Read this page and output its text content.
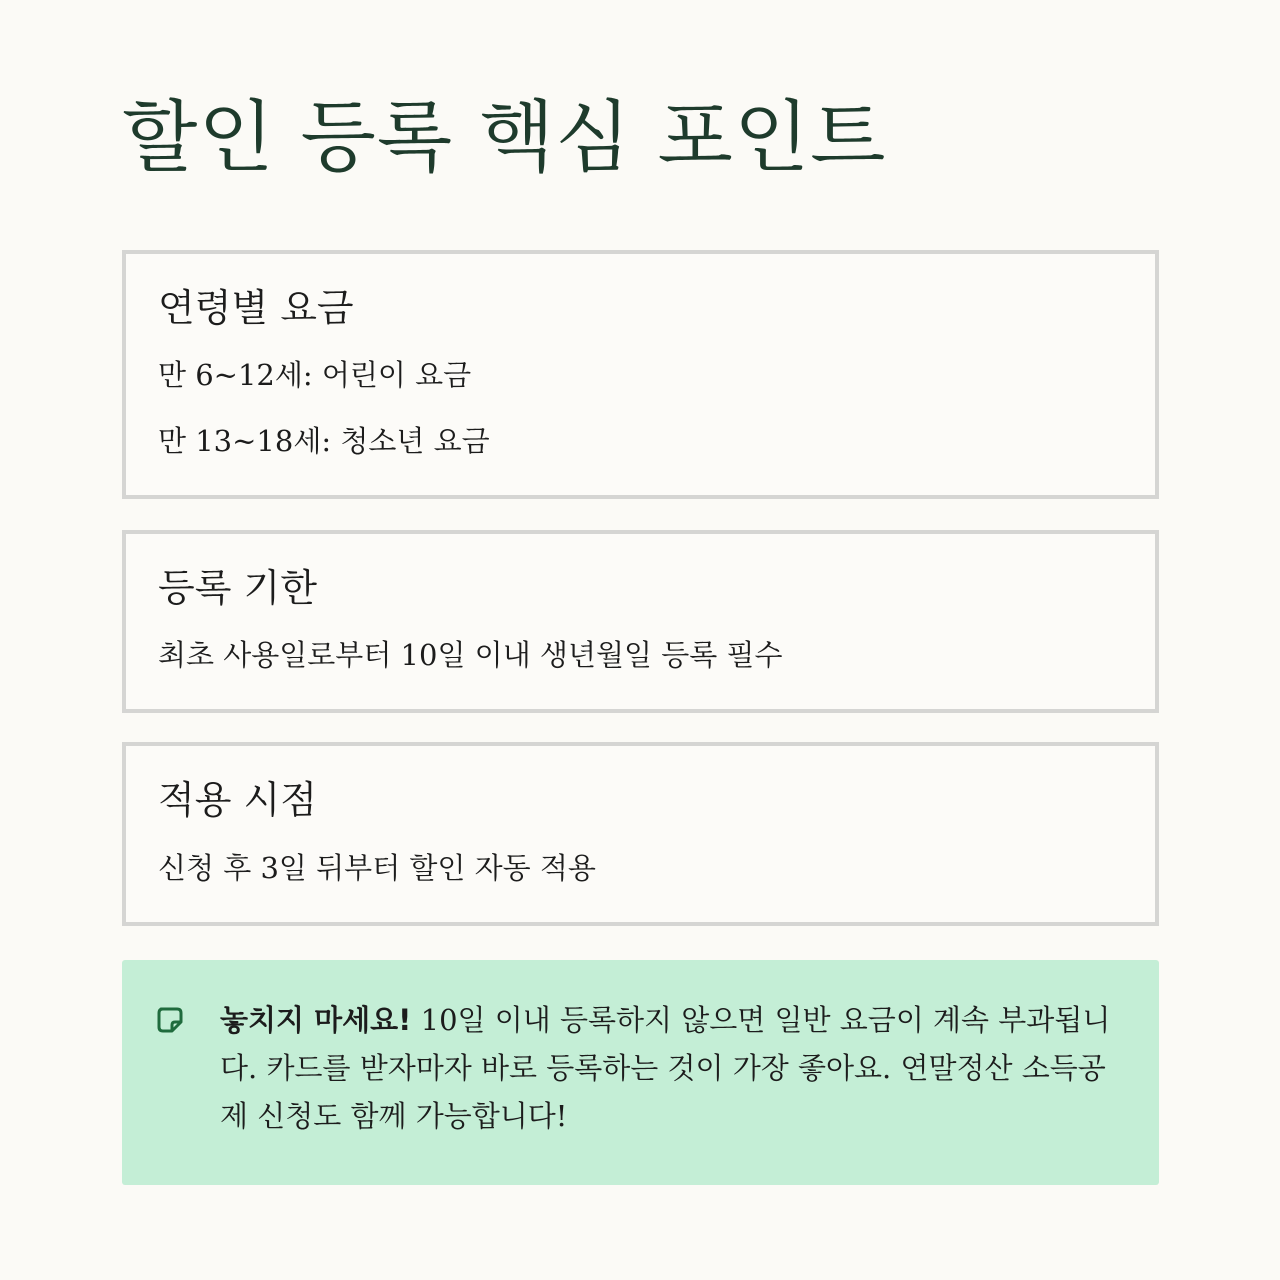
할인 등록 핵심 포인트
연령별 요금

만 6~12세: 어린이 요금

만 13~18세: 청소년 요금

등록 기한

최초 사용일로부터 10일 이내 생년월일 등록 필수

적용 시점

신청 후 3일 뒤부터 할인 자동 적용

놓치지 마세요! 10일 이내 등록하지 않으면 일반 요금이 계속 부과됩니다. 카드를 받자마자 바로 등록하는 것이 가장 좋아요. 연말정산 소득공제 신청도 함께 가능합니다!
